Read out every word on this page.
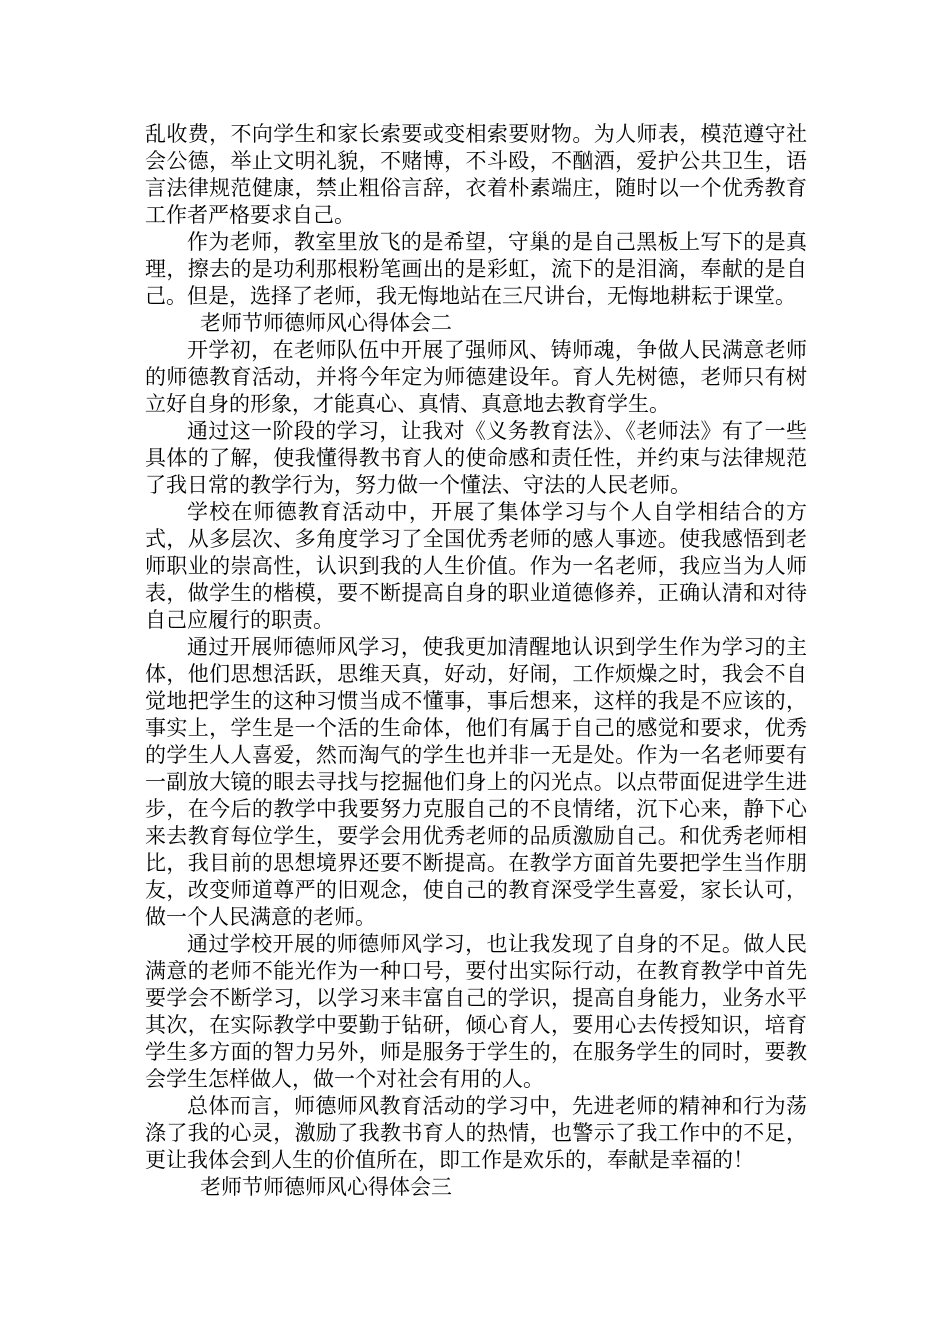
乱收费，不向学生和家长索要或变相索要财物。为人师表，模范遵守社会公德，举止文明礼貌，不赌博，不斗殴，不酗酒，爱护公共卫生，语言法律规范健康，禁止粗俗言辞，衣着朴素端庄，随时以一个优秀教育工作者严格要求自己。

作为老师，教室里放飞的是希望，守巢的是自己黑板上写下的是真理，擦去的是功利那根粉笔画出的是彩虹，流下的是泪滴，奉献的是自己。但是，选择了老师，我无悔地站在三尺讲台，无悔地耕耘于课堂。

老师节师德师风心得体会二

开学初，在老师队伍中开展了强师风、铸师魂，争做人民满意老师的师德教育活动，并将今年定为师德建设年。育人先树德，老师只有树立好自身的形象，才能真心、真情、真意地去教育学生。

通过这一阶段的学习，让我对《义务教育法》、《老师法》有了一些具体的了解，使我懂得教书育人的使命感和责任性，并约束与法律规范了我日常的教学行为，努力做一个懂法、守法的人民老师。

学校在师德教育活动中，开展了集体学习与个人自学相结合的方式，从多层次、多角度学习了全国优秀老师的感人事迹。使我感悟到老师职业的崇高性，认识到我的人生价值。作为一名老师，我应当为人师表，做学生的楷模，要不断提高自身的职业道德修养，正确认清和对待自己应履行的职责。

通过开展师德师风学习，使我更加清醒地认识到学生作为学习的主体，他们思想活跃，思维天真，好动，好闹，工作烦燥之时，我会不自觉地把学生的这种习惯当成不懂事，事后想来，这样的我是不应该的，事实上，学生是一个活的生命体，他们有属于自己的感觉和要求，优秀的学生人人喜爱，然而淘气的学生也并非一无是处。作为一名老师要有一副放大镜的眼去寻找与挖掘他们身上的闪光点。以点带面促进学生进步，在今后的教学中我要努力克服自己的不良情绪，沉下心来，静下心来去教育每位学生，要学会用优秀老师的品质激励自己。和优秀老师相比，我目前的思想境界还要不断提高。在教学方面首先要把学生当作朋友，改变师道尊严的旧观念，使自己的教育深受学生喜爱，家长认可，做一个人民满意的老师。

通过学校开展的师德师风学习，也让我发现了自身的不足。做人民满意的老师不能光作为一种口号，要付出实际行动，在教育教学中首先要学会不断学习，以学习来丰富自己的学识，提高自身能力，业务水平其次，在实际教学中要勤于钻研，倾心育人，要用心去传授知识，培育学生多方面的智力另外，师是服务于学生的，在服务学生的同时，要教会学生怎样做人，做一个对社会有用的人。

总体而言，师德师风教育活动的学习中，先进老师的精神和行为荡涤了我的心灵，激励了我教书育人的热情，也警示了我工作中的不足，更让我体会到人生的价值所在，即工作是欢乐的，奉献是幸福的！

老师节师德师风心得体会三
